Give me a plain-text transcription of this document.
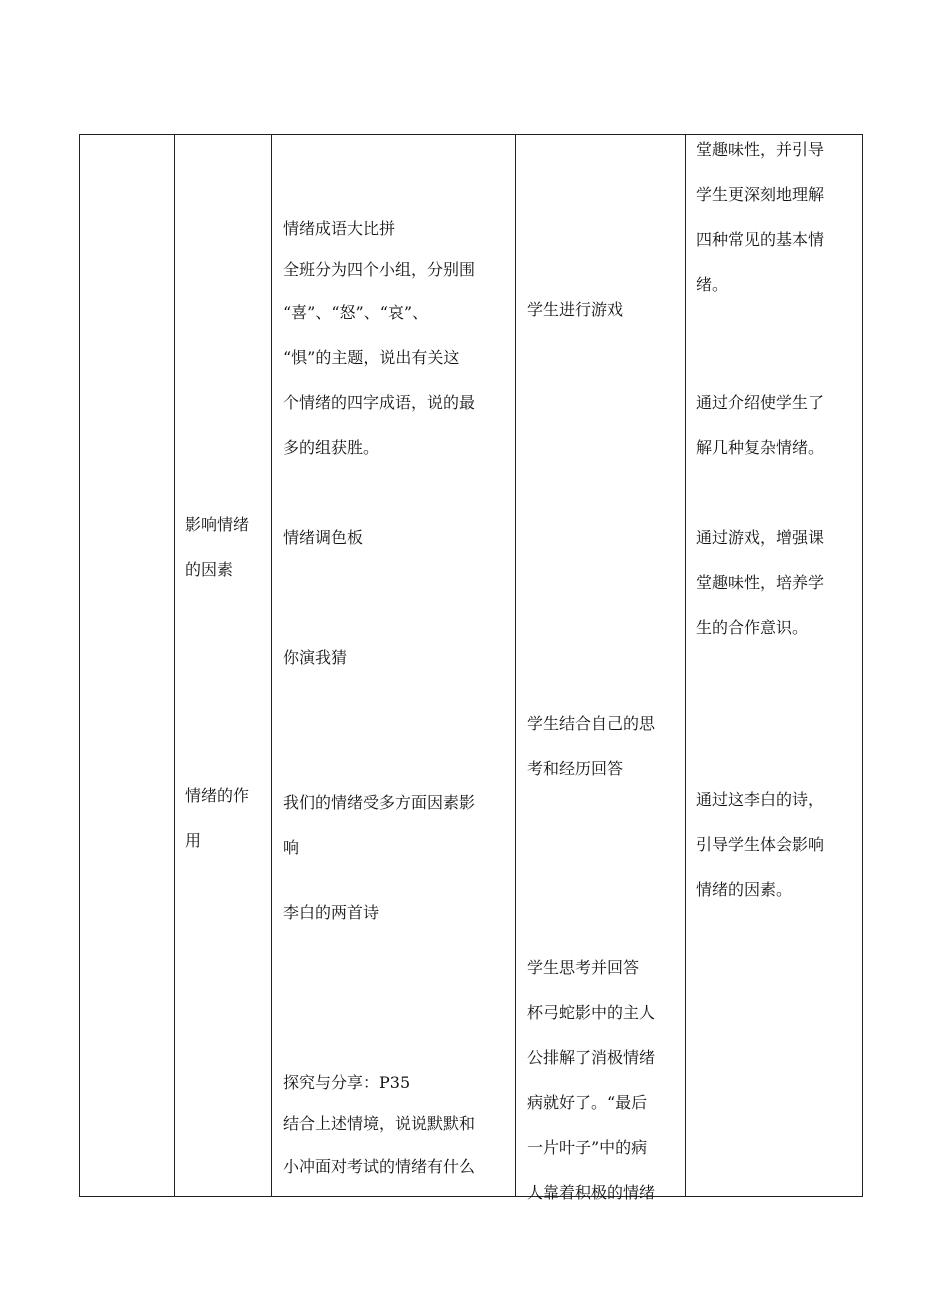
影响情绪
的因素
情绪的作
用
情绪成语大比拼
全班分为四个小组，分别围
“喜”、“怒”、“哀”、
“惧”的主题，说出有关这
个情绪的四字成语，说的最
多的组获胜。
情绪调色板
你演我猜
我们的情绪受多方面因素影
响
李白的两首诗
探究与分享：P35
结合上述情境，说说默默和
小冲面对考试的情绪有什么
学生进行游戏
学生结合自己的思
考和经历回答
学生思考并回答
杯弓蛇影中的主人
公排解了消极情绪
病就好了。“最后
一片叶子”中的病
人靠着积极的情绪
堂趣味性，并引导
学生更深刻地理解
四种常见的基本情
绪。
通过介绍使学生了
解几种复杂情绪。
通过游戏，增强课
堂趣味性，培养学
生的合作意识。
通过这李白的诗，
引导学生体会影响
情绪的因素。
